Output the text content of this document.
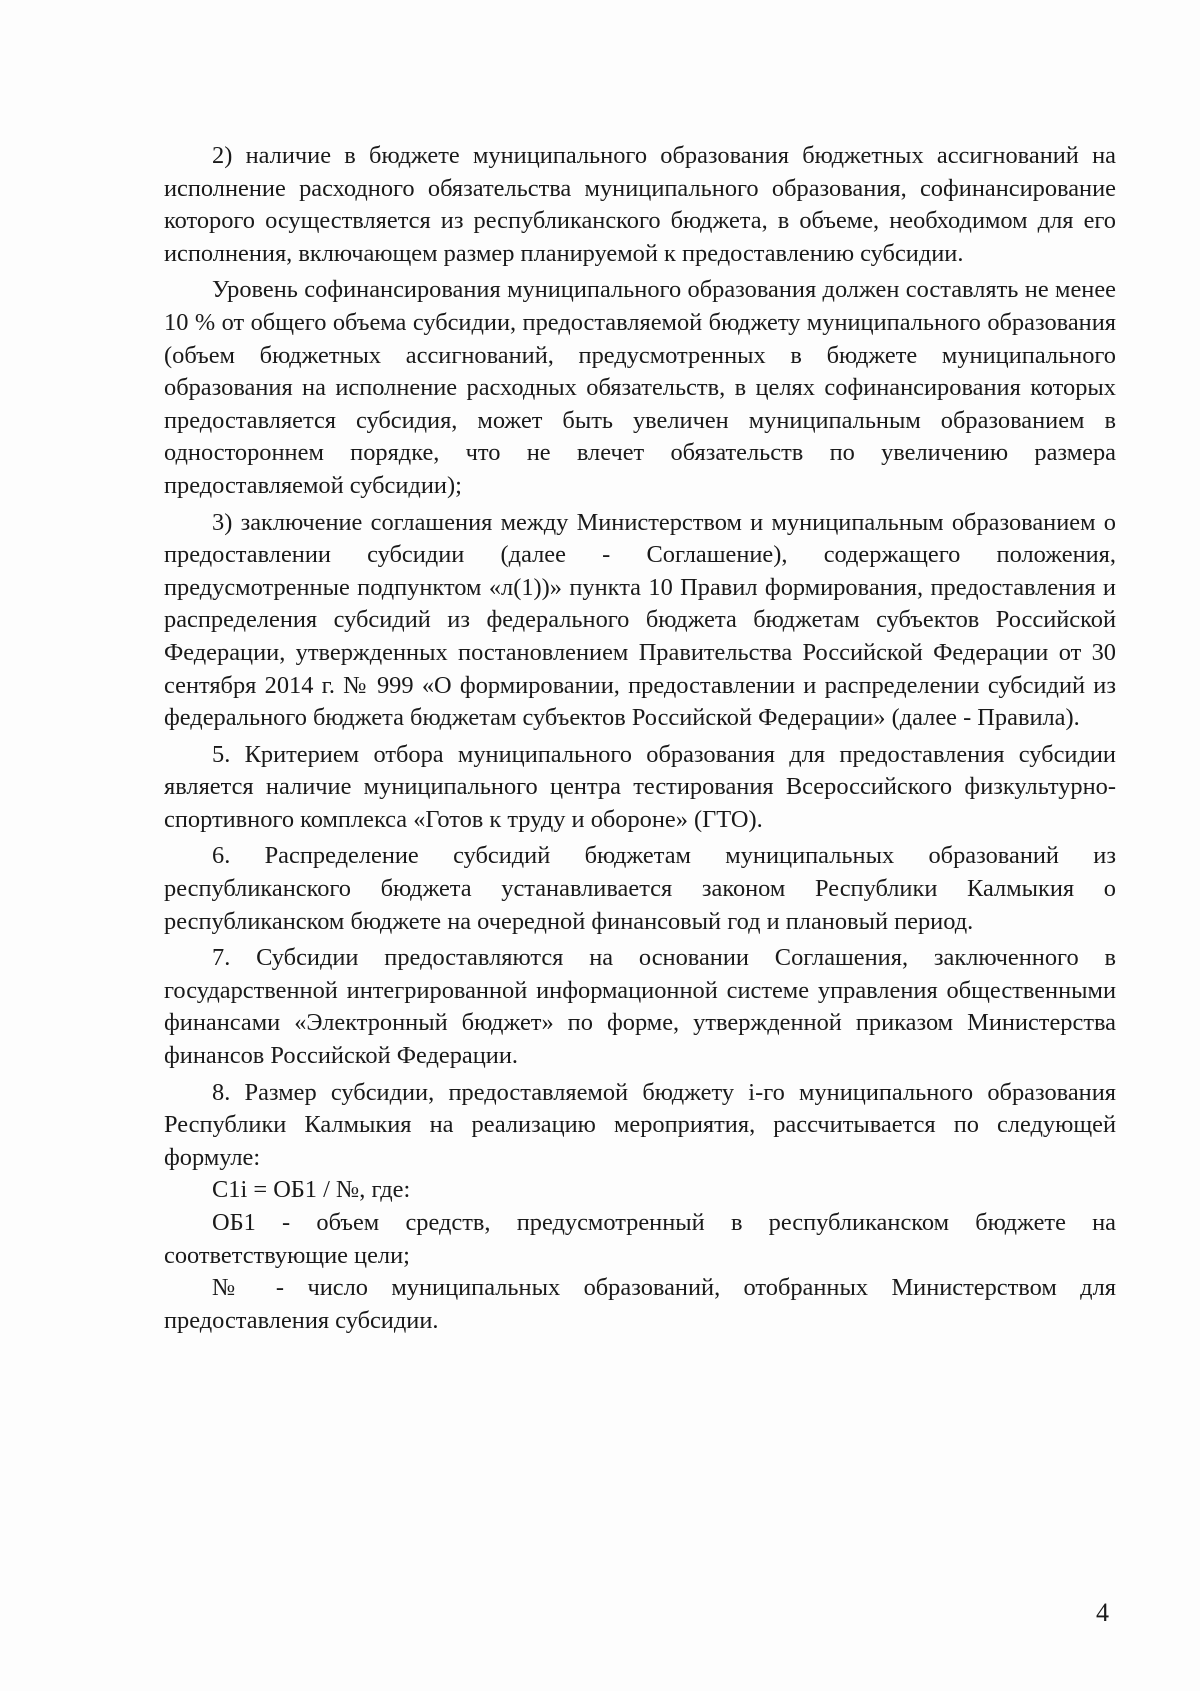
2) наличие в бюджете муниципального образования бюджетных ассигнований на исполнение расходного обязательства муниципального образования, софинансирование которого осуществляется из республиканского бюджета, в объеме, необходимом для его исполнения, включающем размер планируемой к предоставлению субсидии.

Уровень софинансирования муниципального образования должен составлять не менее 10 % от общего объема субсидии, предоставляемой бюджету муниципального образования (объем бюджетных ассигнований, предусмотренных в бюджете муниципального образования на исполнение расходных обязательств, в целях софинансирования которых предоставляется субсидия, может быть увеличен муниципальным образованием в одностороннем порядке, что не влечет обязательств по увеличению размера предоставляемой субсидии);

3) заключение соглашения между Министерством и муниципальным образованием о предоставлении субсидии (далее - Соглашение), содержащего положения, предусмотренные подпунктом «л(1))» пункта 10 Правил формирования, предоставления и распределения субсидий из федерального бюджета бюджетам субъектов Российской Федерации, утвержденных постановлением Правительства Российской Федерации от 30 сентября 2014 г. № 999 «О формировании, предоставлении и распределении субсидий из федерального бюджета бюджетам субъектов Российской Федерации» (далее - Правила).

5. Критерием отбора муниципального образования для предоставления субсидии является наличие муниципального центра тестирования Всероссийского физкультурно-спортивного комплекса «Готов к труду и обороне» (ГТО).

6. Распределение субсидий бюджетам муниципальных образований из республиканского бюджета устанавливается законом Республики Калмыкия о республиканском бюджете на очередной финансовый год и плановый период.

7. Субсидии предоставляются на основании Соглашения, заключенного в государственной интегрированной информационной системе управления общественными финансами «Электронный бюджет» по форме, утвержденной приказом Министерства финансов Российской Федерации.

8. Размер субсидии, предоставляемой бюджету i-го муниципального образования Республики Калмыкия на реализацию мероприятия, рассчитывается по следующей формуле:

C1i = OБ1 / №, где:

ОБ1 - объем средств, предусмотренный в республиканском бюджете на соответствующие цели;

№ - число муниципальных образований, отобранных Министерством для предоставления субсидии.

4
